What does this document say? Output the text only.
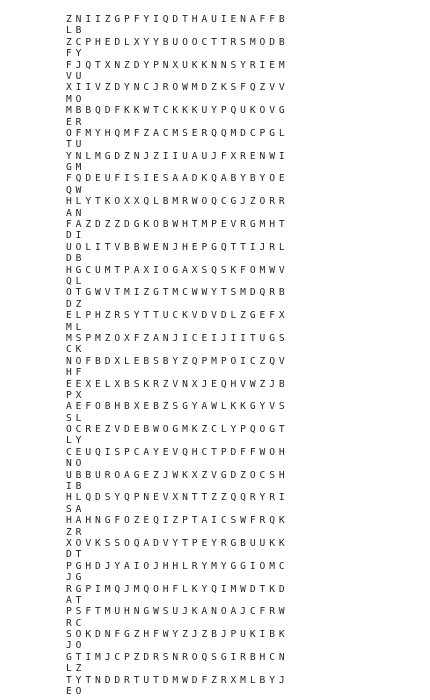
ZNIIZGPFYIQDTHAUIENAFFB
LB
ZCPHEDLXYYBUOOCTTRSMODB
FY
FJQTXNZDYPNXUKKNNSYRIEM
VU
XIIVZDYNCJROWMDZKSFQZVV
MO
MBBQDFKKWTCKKKUYPQUKOVG
ER
OFMYHQMFZACMSERQQMDCPGL
TU
YNLMGDZNJZIIUAUJFXRENWI
GM
FQDEUFISIESAADKQABYBYOE
QW
HLYTKOXXQLBMRWOQCGJZORR
AN
FAZDZZDGKOBWHTMPEVRGMHT
DI
UOLITVBBWENJHEPGQTTIJRL
DB
HGCUMTPAXIOGAXSQSKFOMWV
QL
OTGWVTMIZGTMCWWYTSMDQRB
DZ
ELPHZRSYTTUCKVDVDLZGEFX
ML
MSPMZOXFZANJICEIJIITUGS
CK
NOFBDXLEBSBYZQPMPOICZQV
HF
EEXELXBSKRZVNXJEQHVWZJB
PX
AEFOBHBXEBZSGYAWLKKGYVS
SL
OCREZVDEBWOGMKZCLYPQOGT
LY
CEUQISPCAYEVQHCTPDFFWOH
NO
UBBUROAGEZJWKXZVGDZOCSH
IB
HLQDSYQPNEVXNTTZZQQRYRI
SA
HAHNGFOZEQIZPTAICSWFRQK
ZR
XOVKSSOQADVYTPEYRGBUUKK
DT
PGHDJYAIOJHHLRYMYGGIOMC
JG
RGPIMQJMQOHFLKYQIMWDTKD
AT
PSFTMUHNGWSUJKANOAJCFRW
RC
SOKDNFGZHFWYZJZBJPUKIBK
JO
GTIMJCPZDRSNROQSGIRBHCN
LZ
TYTNDDRTUTDMWDFZRXMLBYJ
EO
